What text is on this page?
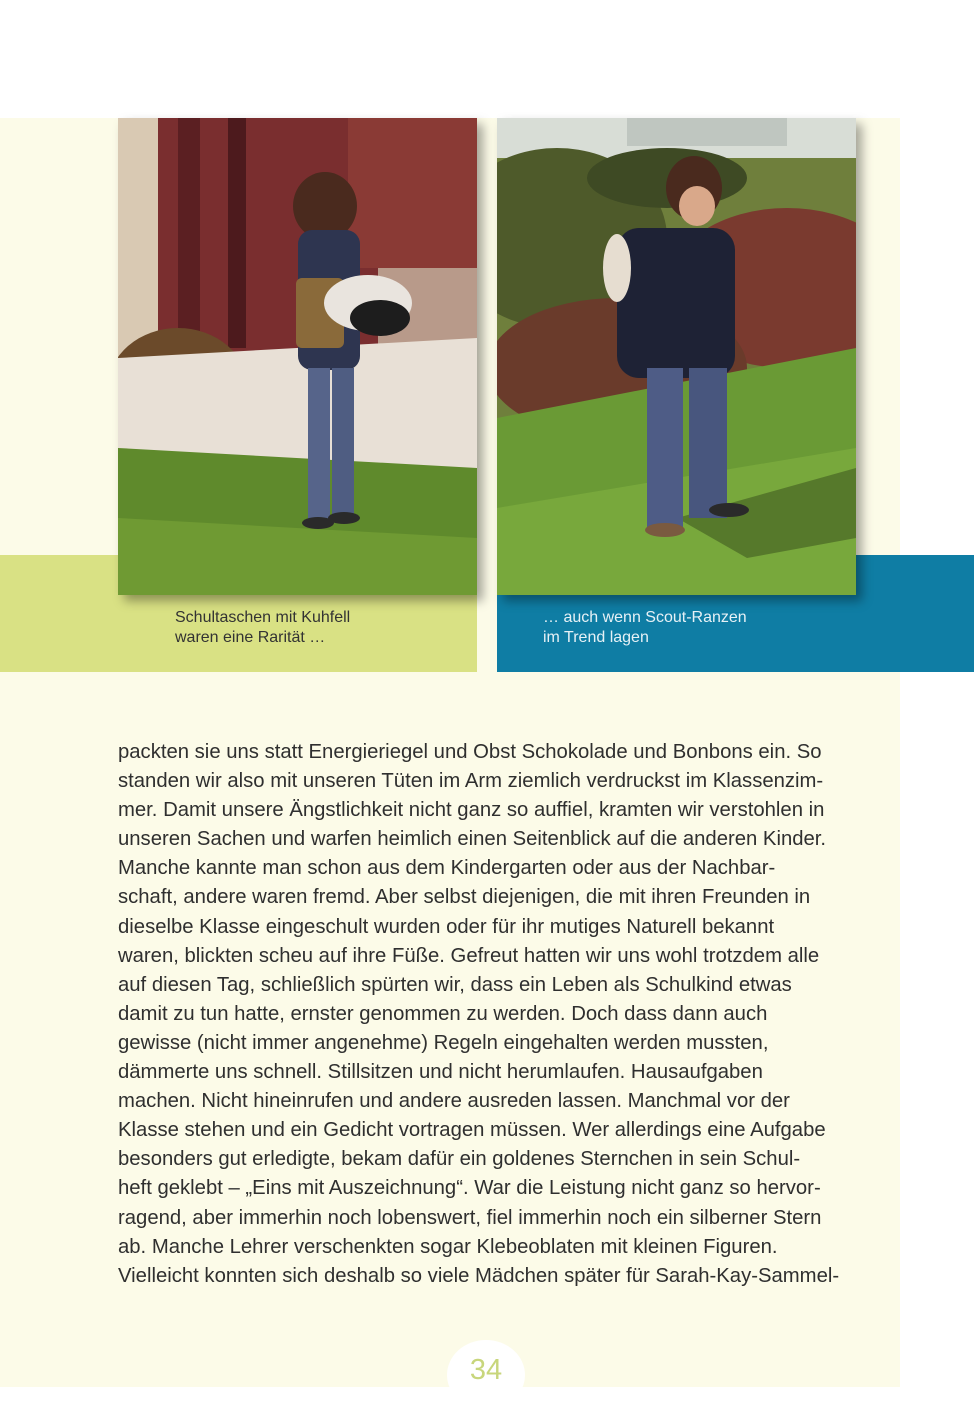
Schultaschen mit Kuhfell
waren eine Rarität …
… auch wenn Scout-Ranzen
im Trend lagen
packten sie uns statt Energieriegel und Obst Schokolade und Bonbons ein. So
standen wir also mit unseren Tüten im Arm ziemlich verdruckst im Klassenzim-
mer. Damit unsere Ängstlichkeit nicht ganz so auffiel, kramten wir verstohlen in
unseren Sachen und warfen heimlich einen Seitenblick auf die anderen Kinder.
Manche kannte man schon aus dem Kindergarten oder aus der Nachbar-
schaft, andere waren fremd. Aber selbst diejenigen, die mit ihren Freunden in
dieselbe Klasse eingeschult wurden oder für ihr mutiges Naturell bekannt
waren, blickten scheu auf ihre Füße. Gefreut hatten wir uns wohl trotzdem alle
auf diesen Tag, schließlich spürten wir, dass ein Leben als Schulkind etwas
damit zu tun hatte, ernster genommen zu werden. Doch dass dann auch
gewisse (nicht immer angenehme) Regeln eingehalten werden mussten,
dämmerte uns schnell. Stillsitzen und nicht herumlaufen. Hausaufgaben
machen. Nicht hineinrufen und andere ausreden lassen. Manchmal vor der
Klasse stehen und ein Gedicht vortragen müssen. Wer allerdings eine Aufgabe
besonders gut erledigte, bekam dafür ein goldenes Sternchen in sein Schul-
heft geklebt – „Eins mit Auszeichnung“. War die Leistung nicht ganz so hervor-
ragend, aber immerhin noch lobenswert, fiel immerhin noch ein silberner Stern
ab. Manche Lehrer verschenkten sogar Klebeoblaten mit kleinen Figuren.
Vielleicht konnten sich deshalb so viele Mädchen später für Sarah-Kay-Sammel-
34
